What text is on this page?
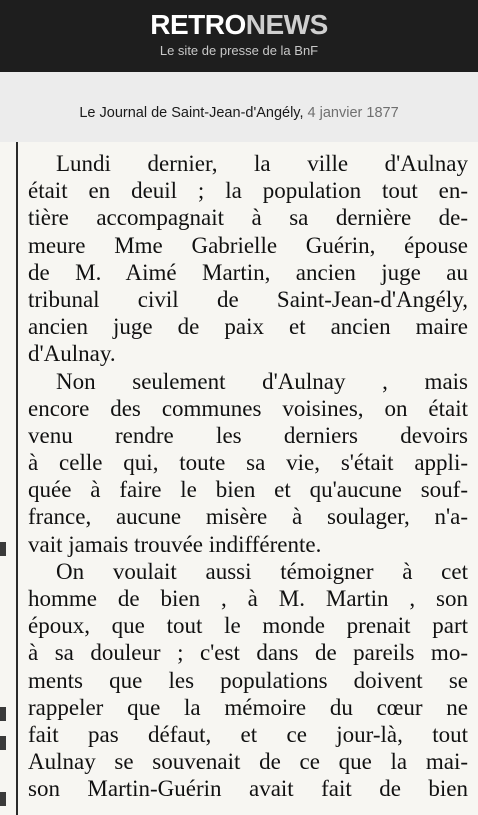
RETRONEWS
Le site de presse de la BnF
Le Journal de Saint-Jean-d'Angély, 4 janvier 1877
Lundi dernier, la ville d'Aulnay
était en deuil ; la population tout en-
tière accompagnait à sa dernière de-
meure Mme Gabrielle Guérin, épouse
de M. Aimé Martin, ancien juge au
tribunal civil de Saint-Jean-d'Angély,
ancien juge de paix et ancien maire
d'Aulnay.
Non seulement d'Aulnay , mais
encore des communes voisines, on était
venu rendre les derniers devoirs
à celle qui, toute sa vie, s'était appli-
quée à faire le bien et qu'aucune souf-
france, aucune misère à soulager, n'a-
vait jamais trouvée indifférente.
On voulait aussi témoigner à cet
homme de bien , à M. Martin , son
époux, que tout le monde prenait part
à sa douleur ; c'est dans de pareils mo-
ments que les populations doivent se
rappeler que la mémoire du cœur ne
fait pas défaut, et ce jour-là, tout
Aulnay se souvenait de ce que la mai-
son Martin-Guérin avait fait de bien
